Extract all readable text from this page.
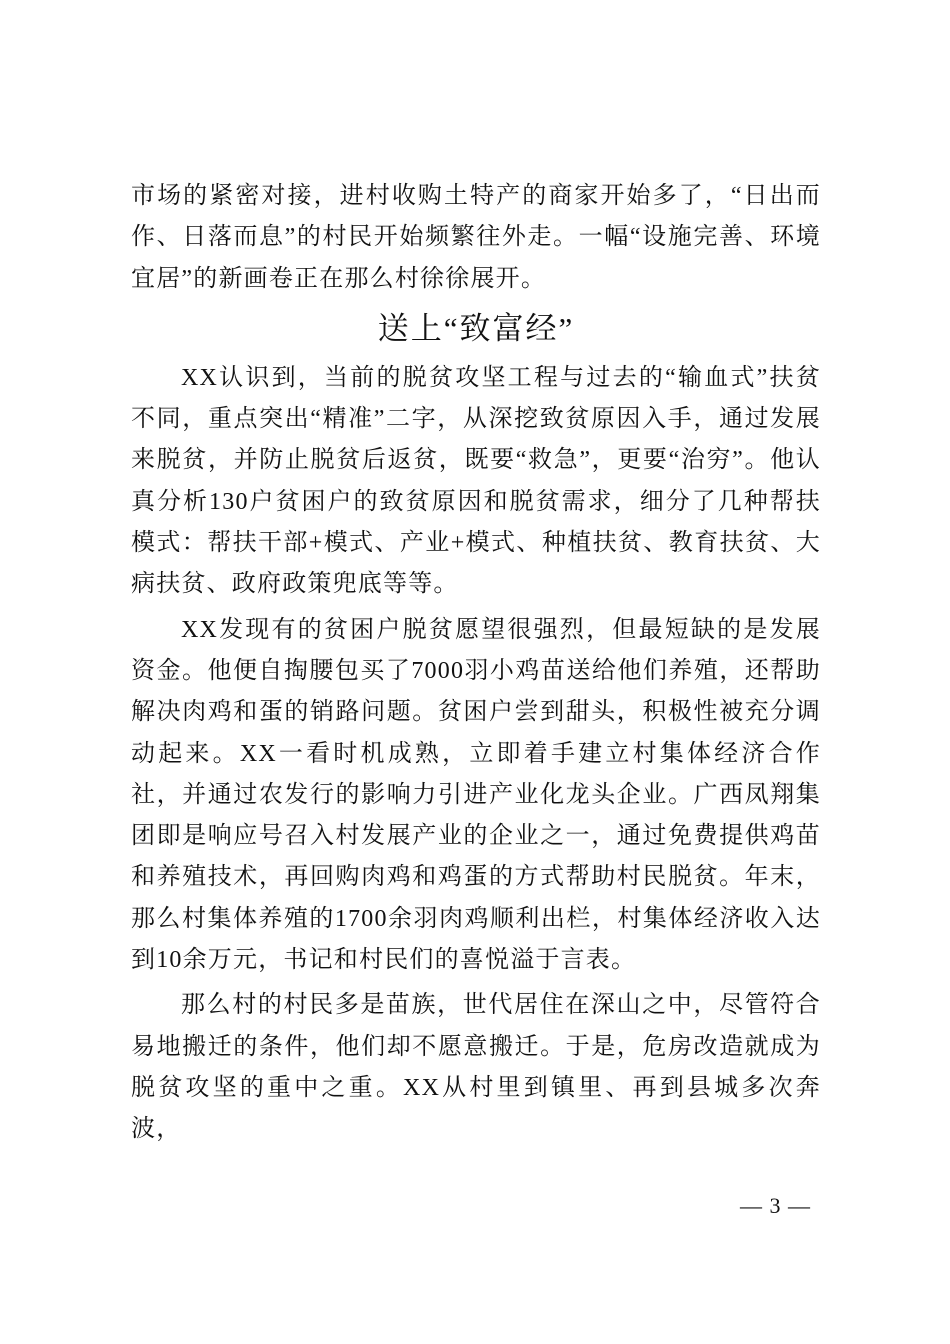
市场的紧密对接，进村收购土特产的商家开始多了，“日出而作、日落而息”的村民开始频繁往外走。一幅“设施完善、环境宜居”的新画卷正在那么村徐徐展开。

送上“致富经”

XX认识到，当前的脱贫攻坚工程与过去的“输血式”扶贫不同，重点突出“精准”二字，从深挖致贫原因入手，通过发展来脱贫，并防止脱贫后返贫，既要“救急”，更要“治穷”。他认真分析130户贫困户的致贫原因和脱贫需求，细分了几种帮扶模式：帮扶干部+模式、产业+模式、种植扶贫、教育扶贫、大病扶贫、政府政策兜底等等。

XX发现有的贫困户脱贫愿望很强烈，但最短缺的是发展资金。他便自掏腰包买了7000羽小鸡苗送给他们养殖，还帮助解决肉鸡和蛋的销路问题。贫困户尝到甜头，积极性被充分调动起来。XX一看时机成熟，立即着手建立村集体经济合作社，并通过农发行的影响力引进产业化龙头企业。广西凤翔集团即是响应号召入村发展产业的企业之一，通过免费提供鸡苗和养殖技术，再回购肉鸡和鸡蛋的方式帮助村民脱贫。年末，那么村集体养殖的1700余羽肉鸡顺利出栏，村集体经济收入达到10余万元，书记和村民们的喜悦溢于言表。

那么村的村民多是苗族，世代居住在深山之中，尽管符合易地搬迁的条件，他们却不愿意搬迁。于是，危房改造就成为脱贫攻坚的重中之重。XX从村里到镇里、再到县城多次奔波，

— 3 —
